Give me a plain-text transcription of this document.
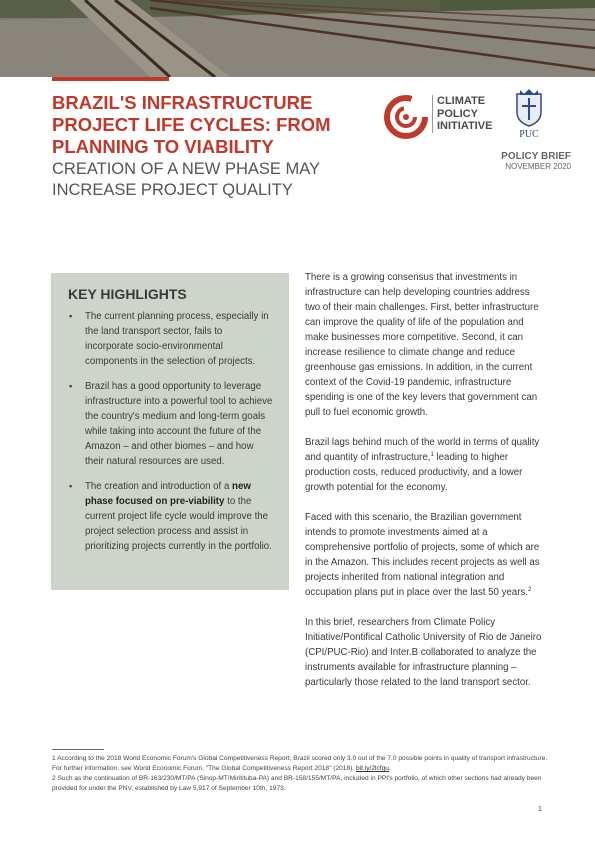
BRAZIL'S INFRASTRUCTURE PROJECT LIFE CYCLES: FROM PLANNING TO VIABILITY

CREATION OF A NEW PHASE MAY INCREASE PROJECT QUALITY

CLIMATE
POLICY
INITIATIVE
PUC
POLICY BRIEF
NOVEMBER 2020
KEY HIGHLIGHTS
▪ The current planning process, especially in the land transport sector, fails to incorporate socio-environmental components in the selection of projects.
▪ Brazil has a good opportunity to leverage infrastructure into a powerful tool to achieve the country's medium and long-term goals while taking into account the future of the Amazon – and other biomes – and how their natural resources are used.
▪ The creation and introduction of a new phase focused on pre-viability to the current project life cycle would improve the project selection process and assist in prioritizing projects currently in the portfolio.

There is a growing consensus that investments in infrastructure can help developing countries address two of their main challenges. First, better infrastructure can improve the quality of life of the population and make businesses more competitive. Second, it can increase resilience to climate change and reduce greenhouse gas emissions. In addition, in the current context of the Covid-19 pandemic, infrastructure spending is one of the key levers that government can pull to fuel economic growth.

Brazil lags behind much of the world in terms of quality and quantity of infrastructure,$^1$ leading to higher production costs, reduced productivity, and a lower growth potential for the economy.

Faced with this scenario, the Brazilian government intends to promote investments aimed at a comprehensive portfolio of projects, some of which are in the Amazon. This includes recent projects as well as projects inherited from national integration and occupation plans put in place over the last 50 years.$^2$

In this brief, researchers from Climate Policy Initiative/Pontifical Catholic University of Rio de Janeiro (CPI/PUC-Rio) and Inter.B collaborated to analyze the instruments available for infrastructure planning – particularly those related to the land transport sector.

1 According to the 2018 World Economic Forum's Global Competitiveness Report, Brazil scored only 3.0 out of the 7.0 possible points in quality of transport infrastructure. For further information, see World Economic Forum, "The Global Competitiveness Report 2018" (2018). bit.ly/2lcfgu.

2 Such as the continuation of BR-163/230/MT/PA (Sinop-MT/Miritituba-PA) and BR-158/155/MT/PA, included in PPI's portfolio, of which other sections had already been provided for under the PNV, established by Law 5,917 of September 10th, 1973.

1
